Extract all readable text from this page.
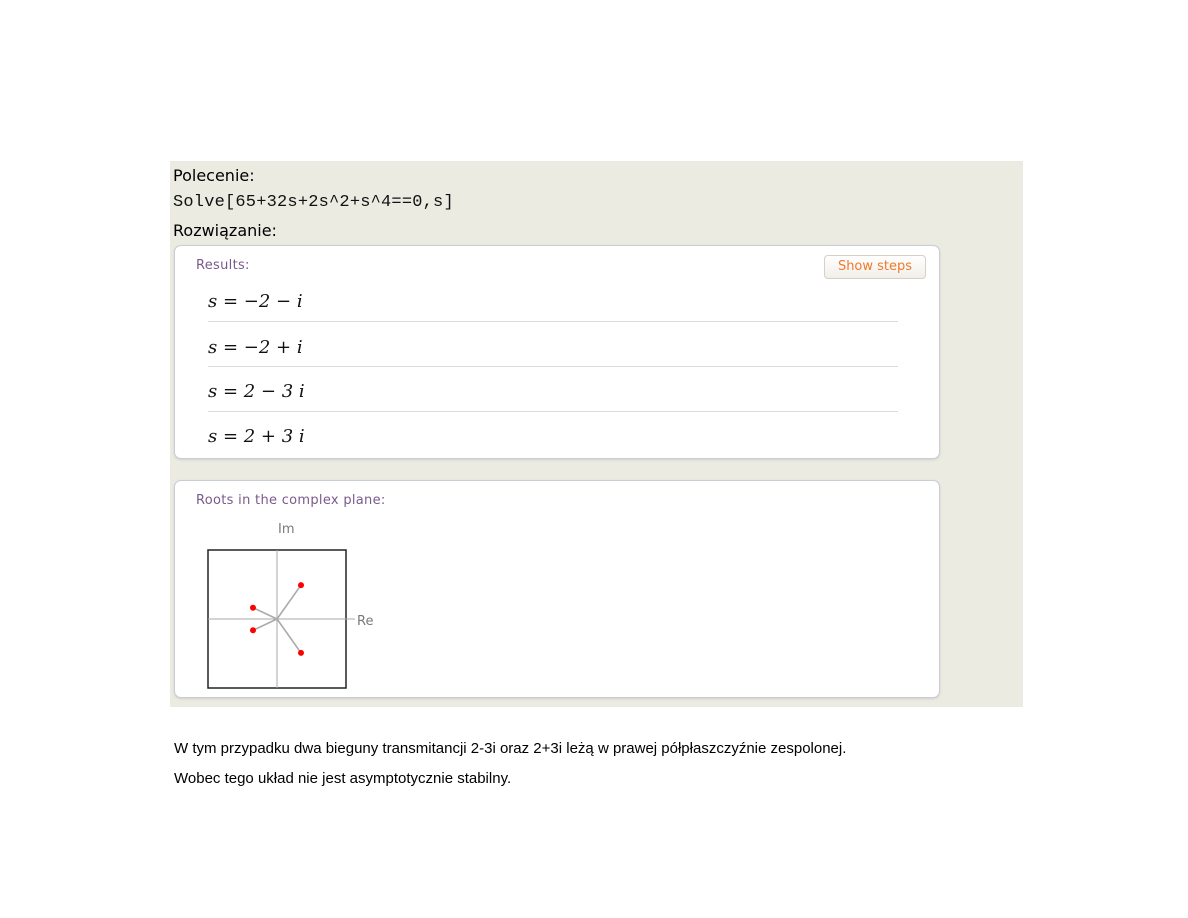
Polecenie:
Solve[65+32s+2s^2+s^4==0,s]
Rozwiązanie:
Results:	Show steps
s = −2 − i
s = −2 + i
s = 2 − 3 i
s = 2 + 3 i
Roots in the complex plane:
Im
Re
W tym przypadku dwa bieguny transmitancji 2-3i oraz 2+3i leżą w prawej półpłaszczyźnie zespolonej.
Wobec tego układ nie jest asymptotycznie stabilny.
